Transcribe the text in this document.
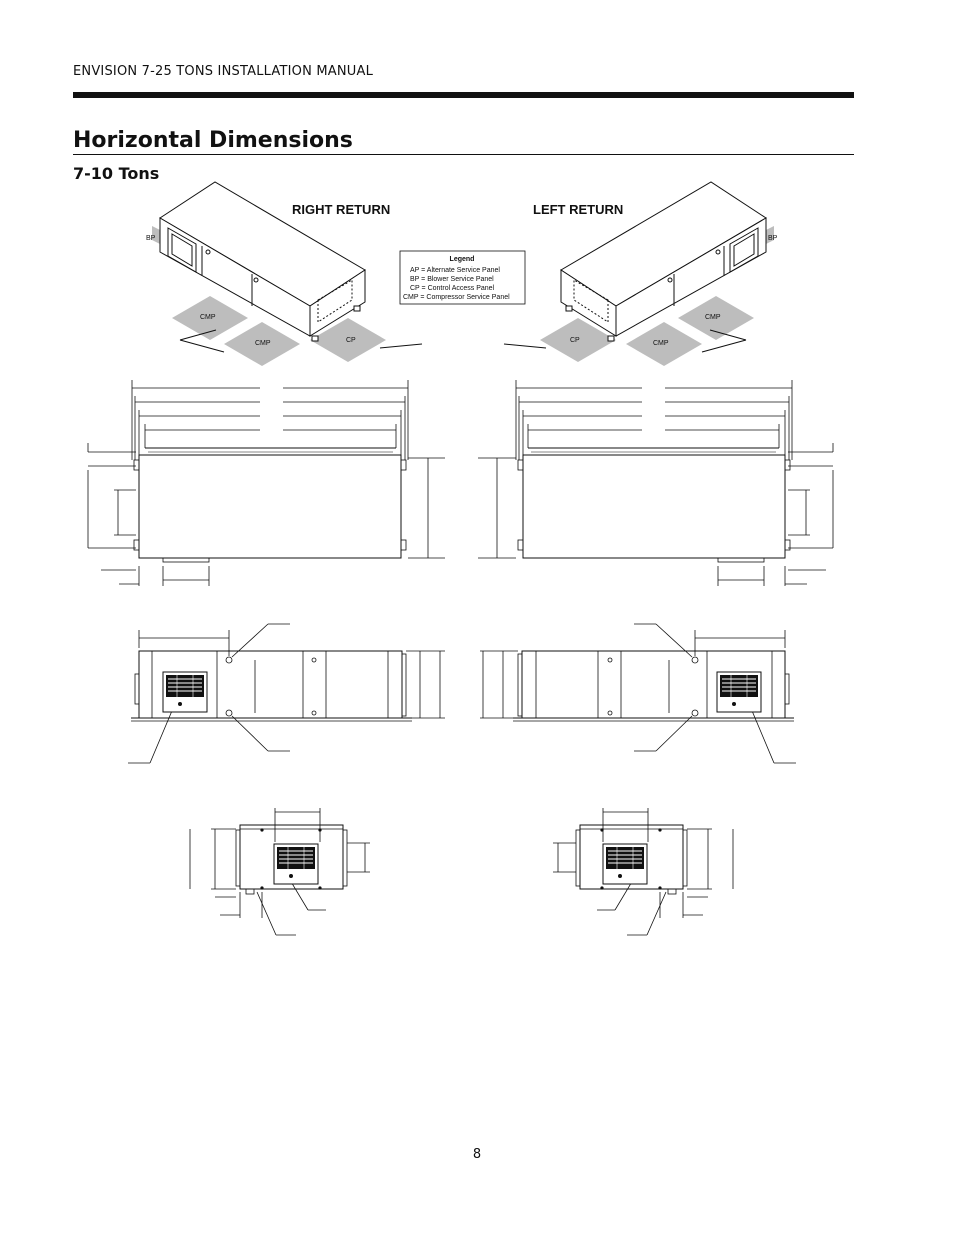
ENVISION 7-25 TONS INSTALLATION MANUAL
Horizontal Dimensions
7-10 Tons
BP
CMP
CMP	CP
RIGHT RETURN
Legend
AP = Alternate Service Panel
BP = Blower Service Panel
CP = Control Access Panel
CMP = Compressor Service Panel
BP
CP	CMP
CMP
LEFT RETURN
8
